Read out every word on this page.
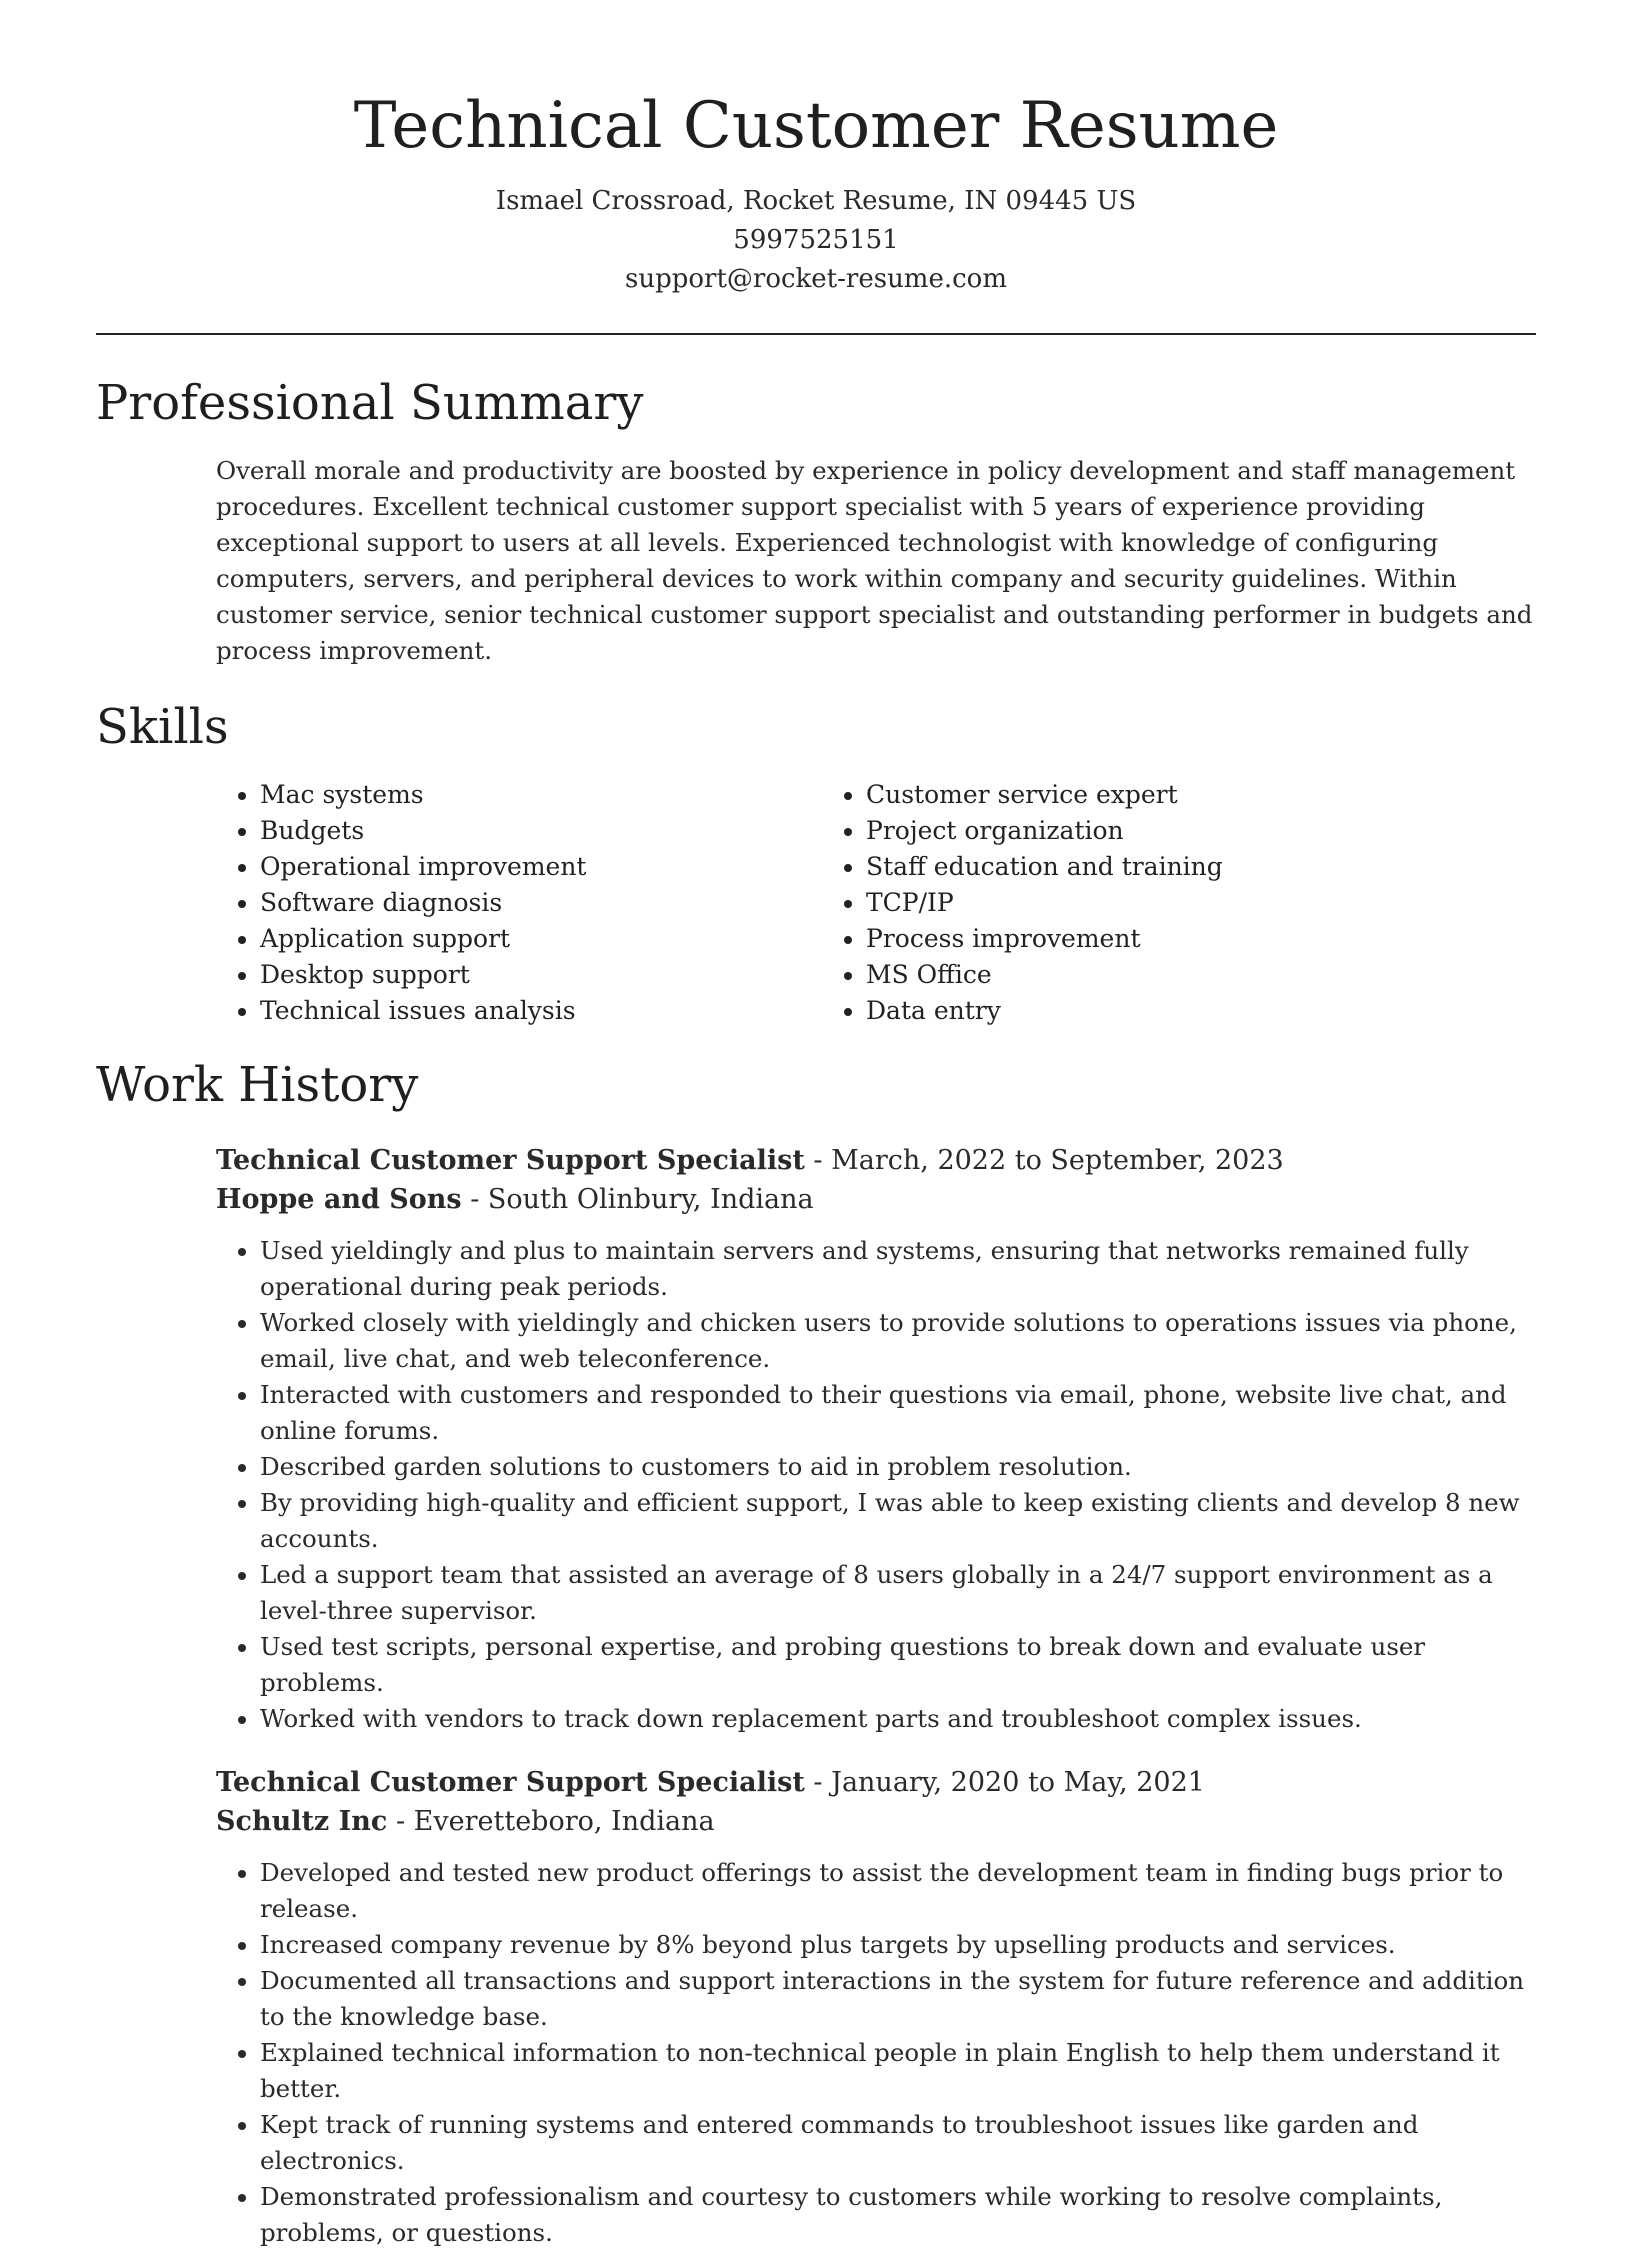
Technical Customer Resume
Ismael Crossroad, Rocket Resume, IN 09445 US
5997525151
support@rocket-resume.com
Professional Summary

Overall morale and productivity are boosted by experience in policy development and staff management procedures. Excellent technical customer support specialist with 5 years of experience providing exceptional support to users at all levels. Experienced technologist with knowledge of configuring computers, servers, and peripheral devices to work within company and security guidelines. Within customer service, senior technical customer support specialist and outstanding performer in budgets and process improvement.

Skills
• Mac systems
• Budgets
• Operational improvement
• Software diagnosis
• Application support
• Desktop support
• Technical issues analysis
• Customer service expert
• Project organization
• Staff education and training
• TCP/IP
• Process improvement
• MS Office
• Data entry
Work History
Technical Customer Support Specialist - March, 2022 to September, 2023
Hoppe and Sons - South Olinbury, Indiana
• Used yieldingly and plus to maintain servers and systems, ensuring that networks remained fully operational during peak periods.
• Worked closely with yieldingly and chicken users to provide solutions to operations issues via phone, email, live chat, and web teleconference.
• Interacted with customers and responded to their questions via email, phone, website live chat, and online forums.
• Described garden solutions to customers to aid in problem resolution.
• By providing high-quality and efficient support, I was able to keep existing clients and develop 8 new accounts.
• Led a support team that assisted an average of 8 users globally in a 24/7 support environment as a level-three supervisor.
• Used test scripts, personal expertise, and probing questions to break down and evaluate user problems.
• Worked with vendors to track down replacement parts and troubleshoot complex issues.
Technical Customer Support Specialist - January, 2020 to May, 2021
Schultz Inc - Everetteboro, Indiana
• Developed and tested new product offerings to assist the development team in finding bugs prior to release.
• Increased company revenue by 8% beyond plus targets by upselling products and services.
• Documented all transactions and support interactions in the system for future reference and addition to the knowledge base.
• Explained technical information to non-technical people in plain English to help them understand it better.
• Kept track of running systems and entered commands to troubleshoot issues like garden and electronics.
• Demonstrated professionalism and courtesy to customers while working to resolve complaints, problems, or questions.
